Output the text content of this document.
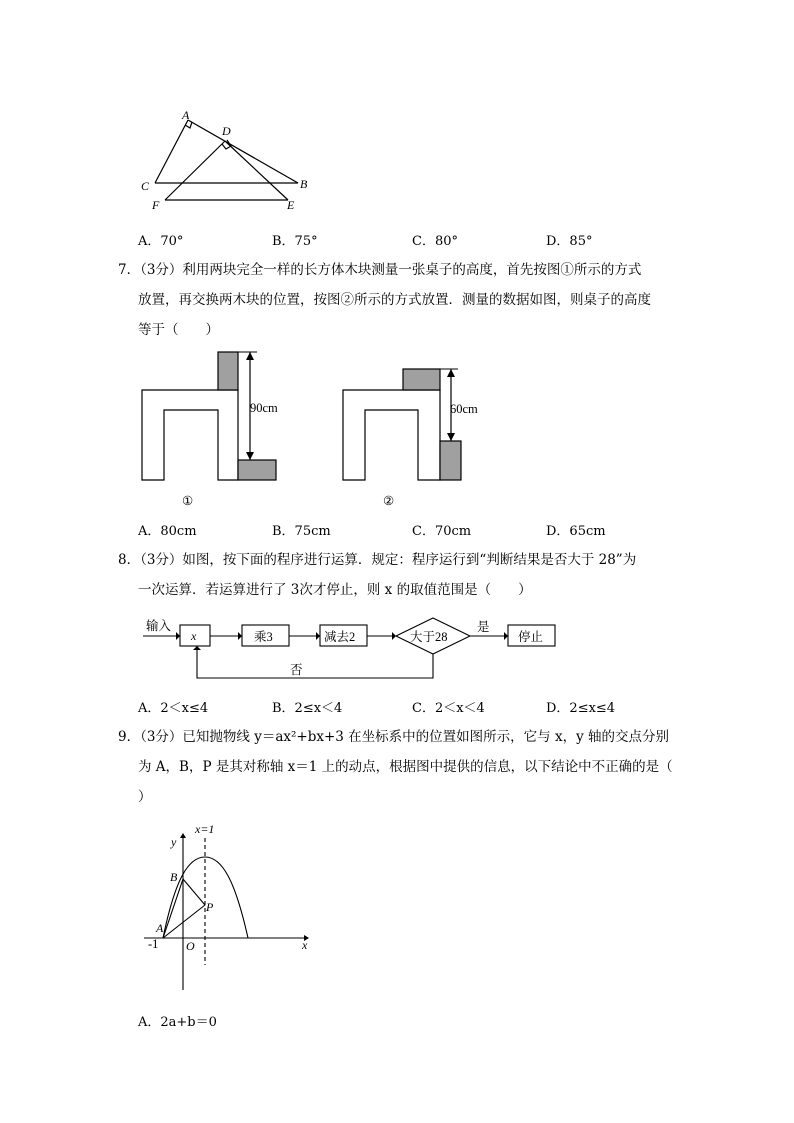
A
D
C	B
F	E
A．70°	B．75°	C．80°	D．85°
7．（3分）利用两块完全一样的长方体木块测量一张桌子的高度，首先按图①所示的方式
放置，再交换两木块的位置，按图②所示的方式放置．测量的数据如图，则桌子的高度
等于（　　）
90cm
①
60cm
②
A．80cm	B．75cm	C．70cm	D．65cm
8．（3分）如图，按下面的程序进行运算．规定：程序运行到“判断结果是否大于 28”为
一次运算．若运算进行了 3次才停止，则 x 的取值范围是（　　）
输入
x	乘3	减去2	大于28
是
停止
否
A．2＜x≤4	B．2≤x＜4	C．2＜x＜4	D．2≤x≤4
9．（3分）已知抛物线 y＝ax²+bx+3 在坐标系中的位置如图所示，它与 x，y 轴的交点分别
为 A，B，P 是其对称轴 x＝1 上的动点，根据图中提供的信息，以下结论中不正确的是（
）
x=1
y
x
B
P
A
O
-1
A．2a+b＝0
